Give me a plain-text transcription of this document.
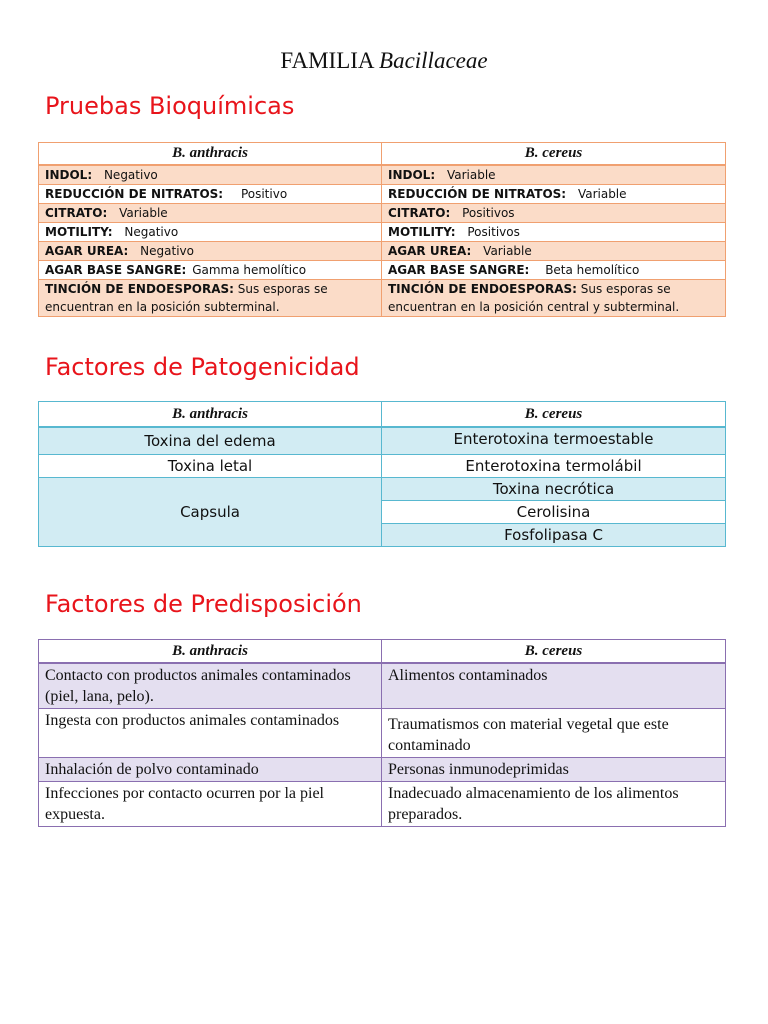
FAMILIA Bacillaceae
Pruebas Bioquímicas
B. anthracis	B. cereus
INDOL: Negativo	INDOL: Variable
REDUCCIÓN DE NITRATOS: Positivo	REDUCCIÓN DE NITRATOS: Variable
CITRATO: Variable	CITRATO: Positivos
MOTILITY: Negativo	MOTILITY: Positivos
AGAR UREA: Negativo	AGAR UREA: Variable
AGAR BASE SANGRE: Gamma hemolítico	AGAR BASE SANGRE: Beta hemolítico
TINCIÓN DE ENDOESPORAS: Sus esporas se encuentran en la posición subterminal.	TINCIÓN DE ENDOESPORAS: Sus esporas se encuentran en la posición central y subterminal.
Factores de Patogenicidad
B. anthracis	B. cereus
Toxina del edema	Enterotoxina termoestable
Toxina letal	Enterotoxina termolábil
Capsula	Toxina necrótica
	Cerolisina
	Fosfolipasa C
Factores de Predisposición
B. anthracis	B. cereus
Contacto con productos animales contaminados (piel, lana, pelo).	Alimentos contaminados
Ingesta con productos animales contaminados	Traumatismos con material vegetal que este contaminado
Inhalación de polvo contaminado	Personas inmunodeprimidas
Infecciones por contacto ocurren por la piel expuesta.	Inadecuado almacenamiento de los alimentos preparados.
